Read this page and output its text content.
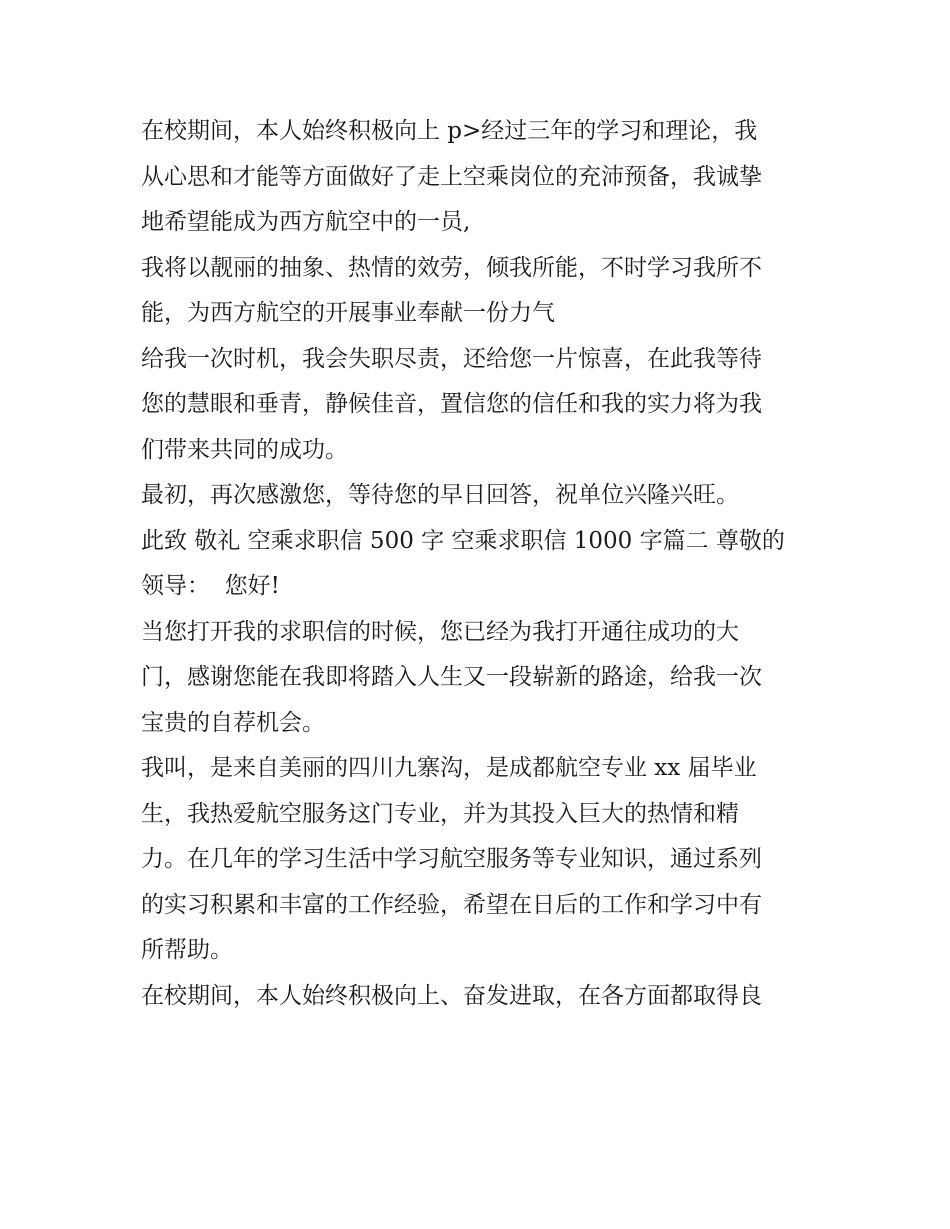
在校期间，本人始终积极向上 p>经过三年的学习和理论，我
从心思和才能等方面做好了走上空乘岗位的充沛预备，我诚挚
地希望能成为西方航空中的一员,
我将以靓丽的抽象、热情的效劳，倾我所能，不时学习我所不
能，为西方航空的开展事业奉献一份力气
给我一次时机，我会失职尽责，还给您一片惊喜，在此我等待
您的慧眼和垂青，静候佳音，置信您的信任和我的实力将为我
们带来共同的成功。
最初，再次感激您，等待您的早日回答，祝单位兴隆兴旺。
此致 敬礼 空乘求职信 500 字 空乘求职信 1000 字篇二 尊敬的
领导：  您好!
当您打开我的求职信的时候，您已经为我打开通往成功的大
门，感谢您能在我即将踏入人生又一段崭新的路途，给我一次
宝贵的自荐机会。
我叫，是来自美丽的四川九寨沟，是成都航空专业 xx 届毕业
生，我热爱航空服务这门专业，并为其投入巨大的热情和精
力。在几年的学习生活中学习航空服务等专业知识，通过系列
的实习积累和丰富的工作经验，希望在日后的工作和学习中有
所帮助。
在校期间，本人始终积极向上、奋发进取，在各方面都取得良
